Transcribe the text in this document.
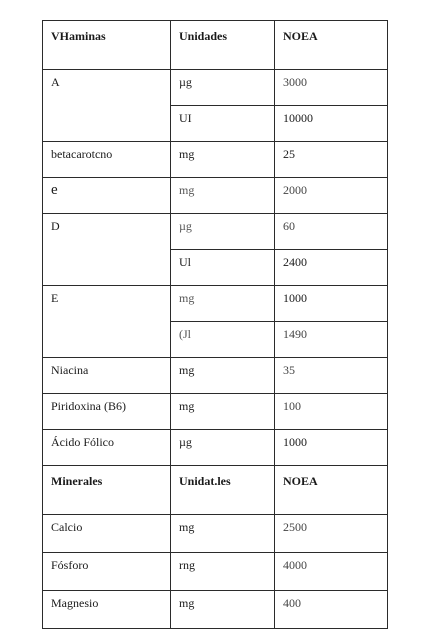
VHaminas	Unidades	NOEA
A	µg	3000
	UI	10000
betacarotcno	mg	25
e	mg	2000
D	µg	60
	Ul	2400
E	mg	1000
	(Jl	1490
Niacina	mg	35
Piridoxina (B6)	mg	100
Ácido Fólico	µg	1000
Minerales	Unidat.les	NOEA
Calcio	mg	2500
Fósforo	rng	4000
Magnesio	mg	400
